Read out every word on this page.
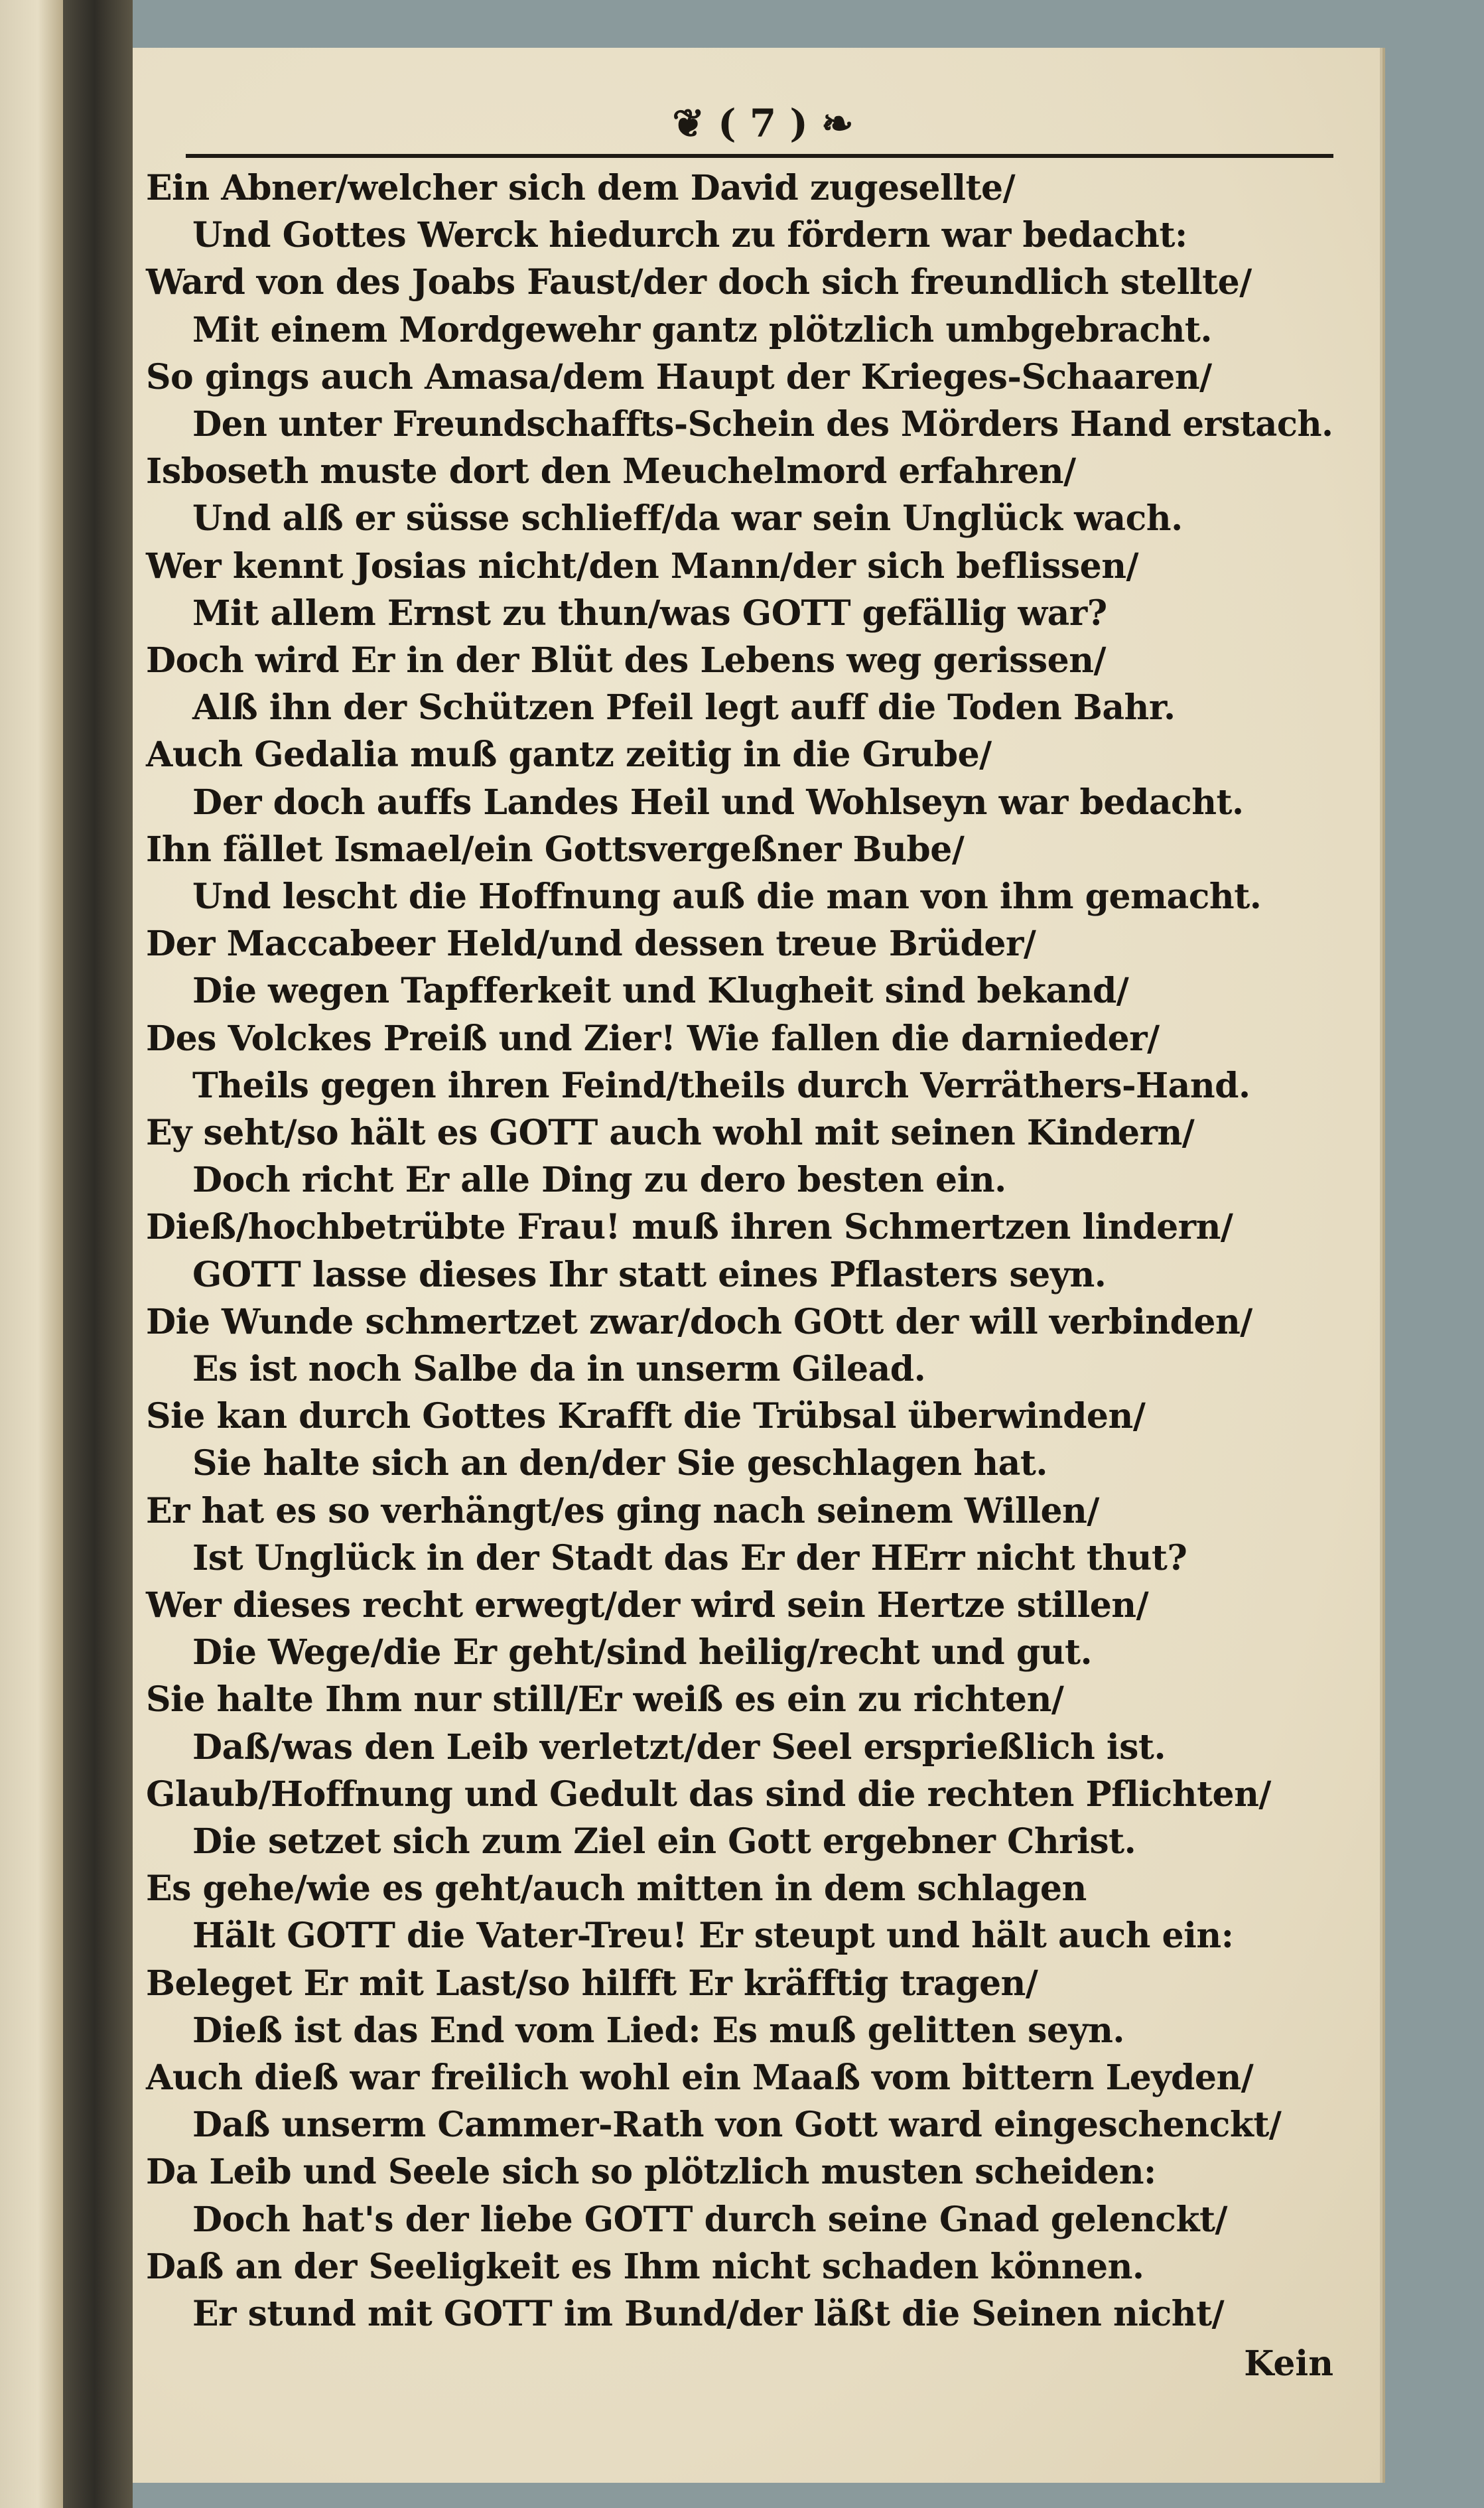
❦ ( 7 ) ❧
Ein Abner/welcher sich dem David zugesellte/
Und Gottes Werck hiedurch zu fördern war bedacht:
Ward von des Joabs Faust/der doch sich freundlich stellte/
Mit einem Mordgewehr gantz plötzlich umbgebracht.
So gings auch Amasa/dem Haupt der Krieges-Schaaren/
Den unter Freundschaffts-Schein des Mörders Hand erstach.
Isboseth muste dort den Meuchelmord erfahren/
Und alß er süsse schlieff/da war sein Unglück wach.
Wer kennt Josias nicht/den Mann/der sich beflissen/
Mit allem Ernst zu thun/was GOTT gefällig war?
Doch wird Er in der Blüt des Lebens weg gerissen/
Alß ihn der Schützen Pfeil legt auff die Toden Bahr.
Auch Gedalia muß gantz zeitig in die Grube/
Der doch auffs Landes Heil und Wohlseyn war bedacht.
Ihn fället Ismael/ein Gottsvergeßner Bube/
Und lescht die Hoffnung auß die man von ihm gemacht.
Der Maccabeer Held/und dessen treue Brüder/
Die wegen Tapfferkeit und Klugheit sind bekand/
Des Volckes Preiß und Zier! Wie fallen die darnieder/
Theils gegen ihren Feind/theils durch Verräthers-Hand.
Ey seht/so hält es GOTT auch wohl mit seinen Kindern/
Doch richt Er alle Ding zu dero besten ein.
Dieß/hochbetrübte Frau! muß ihren Schmertzen lindern/
GOTT lasse dieses Ihr statt eines Pflasters seyn.
Die Wunde schmertzet zwar/doch GOtt der will verbinden/
Es ist noch Salbe da in unserm Gilead.
Sie kan durch Gottes Krafft die Trübsal überwinden/
Sie halte sich an den/der Sie geschlagen hat.
Er hat es so verhängt/es ging nach seinem Willen/
Ist Unglück in der Stadt das Er der HErr nicht thut?
Wer dieses recht erwegt/der wird sein Hertze stillen/
Die Wege/die Er geht/sind heilig/recht und gut.
Sie halte Ihm nur still/Er weiß es ein zu richten/
Daß/was den Leib verletzt/der Seel ersprießlich ist.
Glaub/Hoffnung und Gedult das sind die rechten Pflichten/
Die setzet sich zum Ziel ein Gott ergebner Christ.
Es gehe/wie es geht/auch mitten in dem schlagen
Hält GOTT die Vater-Treu! Er steupt und hält auch ein:
Beleget Er mit Last/so hilfft Er kräfftig tragen/
Dieß ist das End vom Lied: Es muß gelitten seyn.
Auch dieß war freilich wohl ein Maaß vom bittern Leyden/
Daß unserm Cammer-Rath von Gott ward eingeschenckt/
Da Leib und Seele sich so plötzlich musten scheiden:
Doch hat's der liebe GOTT durch seine Gnad gelenckt/
Daß an der Seeligkeit es Ihm nicht schaden können.
Er stund mit GOTT im Bund/der läßt die Seinen nicht/
Kein
